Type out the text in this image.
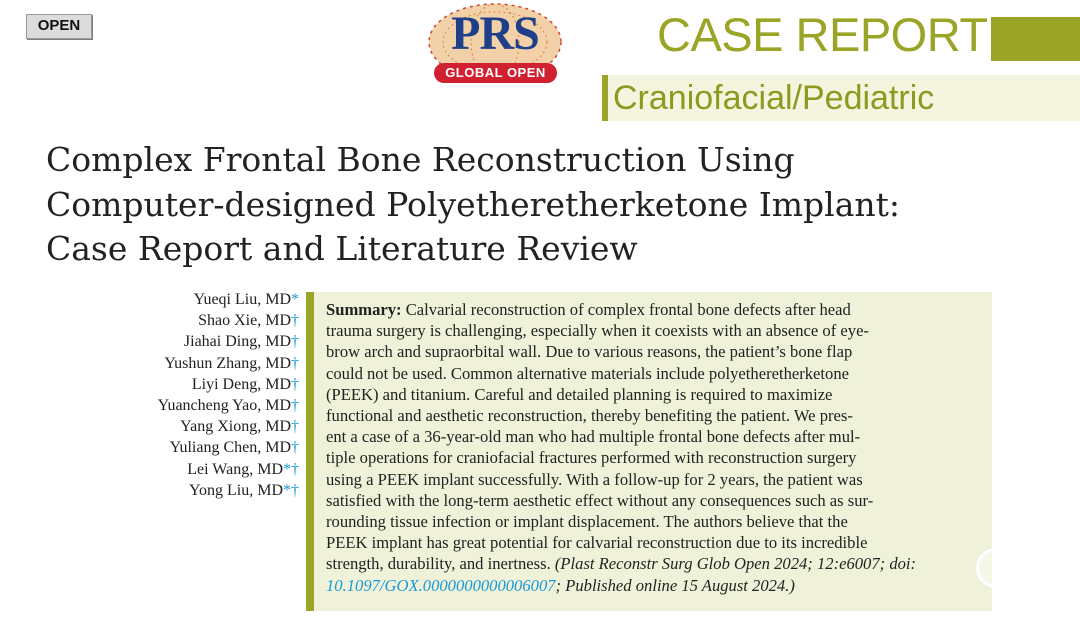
OPEN	PRS
GLOBAL OPEN
CASE REPORT
Craniofacial/Pediatric
Complex Frontal Bone Reconstruction Using
Computer-designed Polyetheretherketone Implant:
Case Report and Literature Review
Yueqi Liu, MD*
Shao Xie, MD†
Jiahai Ding, MD†
Yushun Zhang, MD†
Liyi Deng, MD†
Yuancheng Yao, MD†
Yang Xiong, MD†
Yuliang Chen, MD†
Lei Wang, MD*†
Yong Liu, MD*†
Summary: Calvarial reconstruction of complex frontal bone defects after head
trauma surgery is challenging, especially when it coexists with an absence of eye-
brow arch and supraorbital wall. Due to various reasons, the patient’s bone flap
could not be used. Common alternative materials include polyetheretherketone
(PEEK) and titanium. Careful and detailed planning is required to maximize
functional and aesthetic reconstruction, thereby benefiting the patient. We pres-
ent a case of a 36-year-old man who had multiple frontal bone defects after mul-
tiple operations for craniofacial fractures performed with reconstruction surgery
using a PEEK implant successfully. With a follow-up for 2 years, the patient was
satisfied with the long-term aesthetic effect without any consequences such as sur-
rounding tissue infection or implant displacement. The authors believe that the
PEEK implant has great potential for calvarial reconstruction due to its incredible
strength, durability, and inertness. (Plast Reconstr Surg Glob Open 2024; 12:e6007; doi:
10.1097/GOX.0000000000006007; Published online 15 August 2024.)
